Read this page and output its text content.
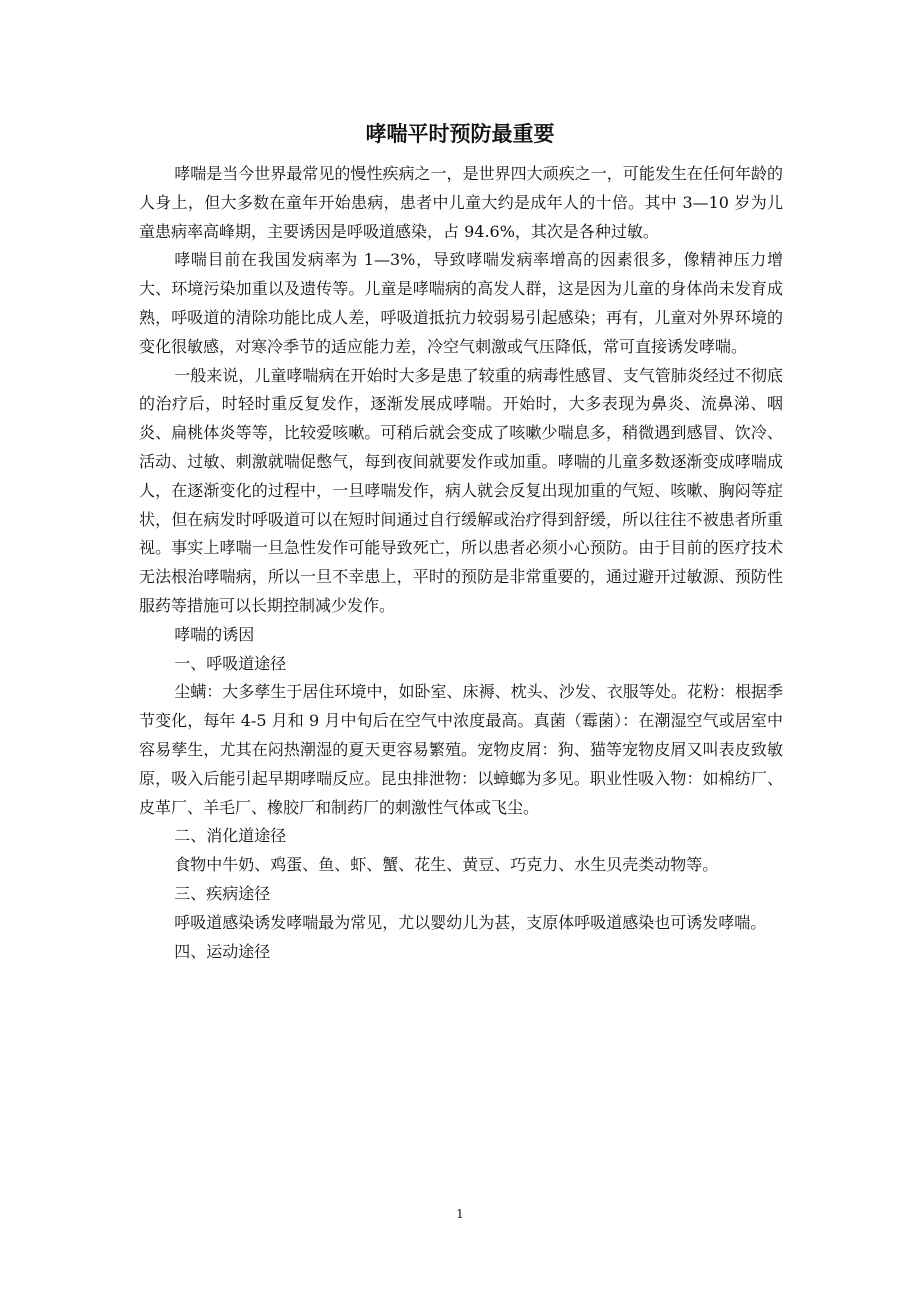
哮喘平时预防最重要

哮喘是当今世界最常见的慢性疾病之一，是世界四大顽疾之一，可能发生在任何年龄的人身上，但大多数在童年开始患病，患者中儿童大约是成年人的十倍。其中 3—10 岁为儿童患病率高峰期，主要诱因是呼吸道感染，占 94.6%，其次是各种过敏。

哮喘目前在我国发病率为 1—3%，导致哮喘发病率增高的因素很多，像精神压力增大、环境污染加重以及遗传等。儿童是哮喘病的高发人群，这是因为儿童的身体尚未发育成熟，呼吸道的清除功能比成人差，呼吸道抵抗力较弱易引起感染；再有，儿童对外界环境的变化很敏感，对寒冷季节的适应能力差，冷空气刺激或气压降低，常可直接诱发哮喘。

一般来说，儿童哮喘病在开始时大多是患了较重的病毒性感冒、支气管肺炎经过不彻底的治疗后，时轻时重反复发作，逐渐发展成哮喘。开始时，大多表现为鼻炎、流鼻涕、咽炎、扁桃体炎等等，比较爱咳嗽。可稍后就会变成了咳嗽少喘息多，稍微遇到感冒、饮冷、活动、过敏、刺激就喘促憋气，每到夜间就要发作或加重。哮喘的儿童多数逐渐变成哮喘成人，在逐渐变化的过程中，一旦哮喘发作，病人就会反复出现加重的气短、咳嗽、胸闷等症状，但在病发时呼吸道可以在短时间通过自行缓解或治疗得到舒缓，所以往往不被患者所重视。事实上哮喘一旦急性发作可能导致死亡，所以患者必须小心预防。由于目前的医疗技术无法根治哮喘病，所以一旦不幸患上，平时的预防是非常重要的，通过避开过敏源、预防性服药等措施可以长期控制减少发作。

哮喘的诱因

一、呼吸道途径

尘螨：大多孳生于居住环境中，如卧室、床褥、枕头、沙发、衣服等处。花粉：根据季节变化，每年 4-5 月和 9 月中旬后在空气中浓度最高。真菌（霉菌）：在潮湿空气或居室中容易孳生，尤其在闷热潮湿的夏天更容易繁殖。宠物皮屑：狗、猫等宠物皮屑又叫表皮致敏原，吸入后能引起早期哮喘反应。昆虫排泄物：以蟑螂为多见。职业性吸入物：如棉纺厂、皮革厂、羊毛厂、橡胶厂和制药厂的刺激性气体或飞尘。

二、消化道途径

食物中牛奶、鸡蛋、鱼、虾、蟹、花生、黄豆、巧克力、水生贝壳类动物等。

三、疾病途径

呼吸道感染诱发哮喘最为常见，尤以婴幼儿为甚，支原体呼吸道感染也可诱发哮喘。

四、运动途径

1
